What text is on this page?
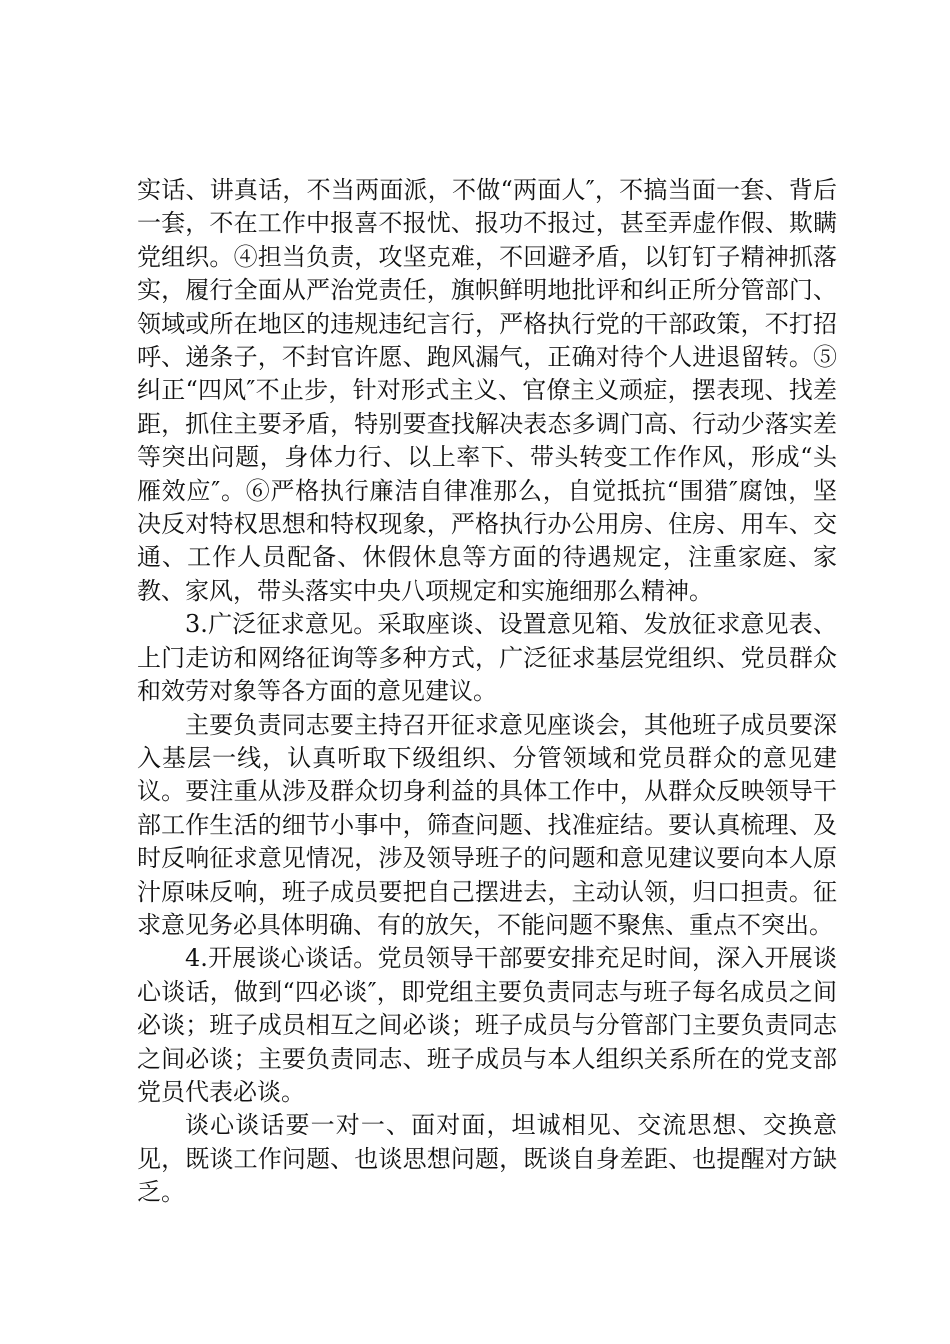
实话、讲真话，不当两面派，不做“两面人″，不搞当面一套、背后一套，不在工作中报喜不报忧、报功不报过，甚至弄虚作假、欺瞒党组织。④担当负责，攻坚克难，不回避矛盾，以钉钉子精神抓落实，履行全面从严治党责任，旗帜鲜明地批评和纠正所分管部门、领域或所在地区的违规违纪言行，严格执行党的干部政策，不打招呼、递条子，不封官许愿、跑风漏气，正确对待个人进退留转。⑤纠正“四风″不止步，针对形式主义、官僚主义顽症，摆表现、找差距，抓住主要矛盾，特别要查找解决表态多调门高、行动少落实差等突出问题，身体力行、以上率下、带头转变工作作风，形成“头雁效应″。⑥严格执行廉洁自律准那么，自觉抵抗“围猎″腐蚀，坚决反对特权思想和特权现象，严格执行办公用房、住房、用车、交通、工作人员配备、休假休息等方面的待遇规定，注重家庭、家教、家风，带头落实中央八项规定和实施细那么精神。

3.广泛征求意见。采取座谈、设置意见箱、发放征求意见表、上门走访和网络征询等多种方式，广泛征求基层党组织、党员群众和效劳对象等各方面的意见建议。

主要负责同志要主持召开征求意见座谈会，其他班子成员要深入基层一线，认真听取下级组织、分管领域和党员群众的意见建议。要注重从涉及群众切身利益的具体工作中，从群众反映领导干部工作生活的细节小事中，筛查问题、找准症结。要认真梳理、及时反响征求意见情况，涉及领导班子的问题和意见建议要向本人原汁原味反响，班子成员要把自己摆进去，主动认领，归口担责。征求意见务必具体明确、有的放矢，不能问题不聚焦、重点不突出。

4.开展谈心谈话。党员领导干部要安排充足时间，深入开展谈心谈话，做到“四必谈″，即党组主要负责同志与班子每名成员之间必谈；班子成员相互之间必谈；班子成员与分管部门主要负责同志之间必谈；主要负责同志、班子成员与本人组织关系所在的党支部党员代表必谈。

谈心谈话要一对一、面对面，坦诚相见、交流思想、交换意见，既谈工作问题、也谈思想问题，既谈自身差距、也提醒对方缺乏。
